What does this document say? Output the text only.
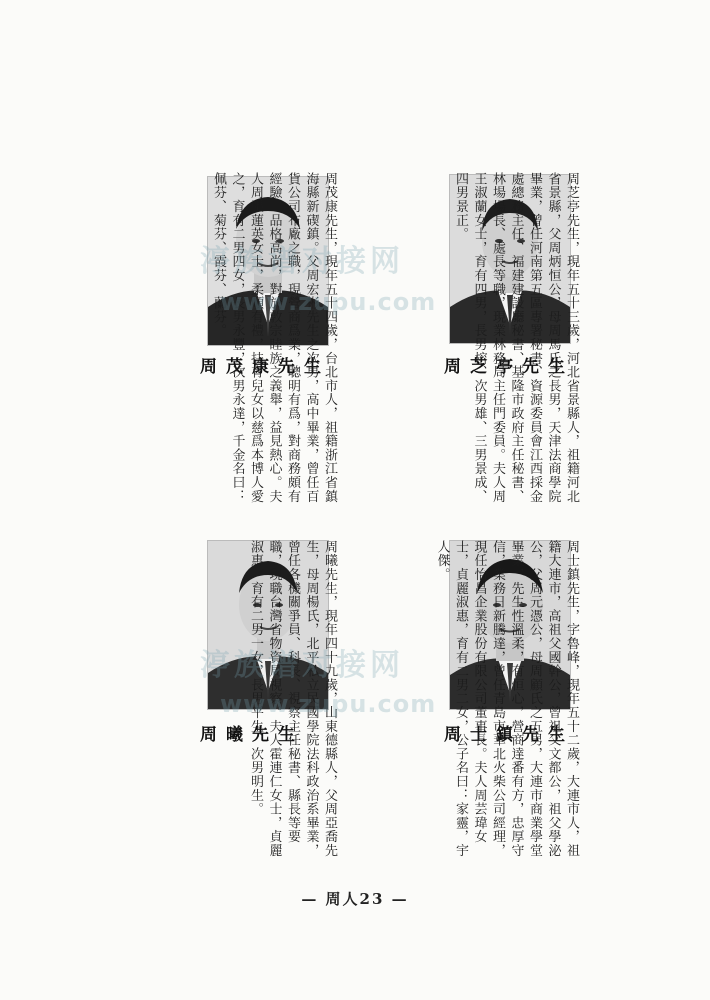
周芝亭先生
周芝亭先生，現年五十三歲，河北省景縣人，祖籍河北省景縣，父周炳恒公，母周馬氏之長男，天津法商學院畢業，曾任河南第五區專署秘書、資源委員會江西採金處總務主任、福建建設廳秘書、基隆市政府主任秘書、林場場長、處長等職，現業林務局主任門委員。夫人周王淑蘭女士，育有四男，長男榕、次男雄、三男景成、四男景正。
周茂康先生
周茂康先生，現年五十四歲，台北市人，祖籍浙江省鎮海縣新碶鎮。父周宏彬先生之次男，高中畢業，曾任百貨公司布廠之職，現營商爲業，聰明有爲，對商務頗有經驗，品格高尚，對於敦宗睦族之義舉，益見熱心。夫人周張蓮英女士，柔順有禮，扶育兒女以慈爲本博人愛之，育有二男四女，長男永豐，次男永達，千金名曰：佩芬、菊芬、霞芬、蘭芬。
周士鎮先生
周士鎮先生，字魯峰，現年五十二歲，大連市人，祖籍大連市，高祖父國幹公，曾祖父文都公，祖父學泌公，父周元憑公，母周顧氏之五男，大連市商業學堂畢業，先生性溫柔，有恒心，營商達番有方，忠厚守信，業務日新騰達，曾任青島市華北火柴公司經理，現任怡昌企業股份有限公司董事長。夫人周芸瑋女士，貞麗淑惠，育有二男二女，公子名曰：家靈，宇人傑。
周曦先生	周曦先生，現年四十九歲，山東德縣人，父周亞喬先生，母周楊氏，北平私立民國學院法科政治系畢業，曾任各機關爭員、科長、視察主任秘書、縣長等要職，現職台灣省物資局視察。夫人霍連仁女士，貞麗淑惠，育有二男一女，長男平生、次男明生。
渟族谱对接网
www.zupu.com
渟族谱对接网
www.zupu.com
— 周人23 —
